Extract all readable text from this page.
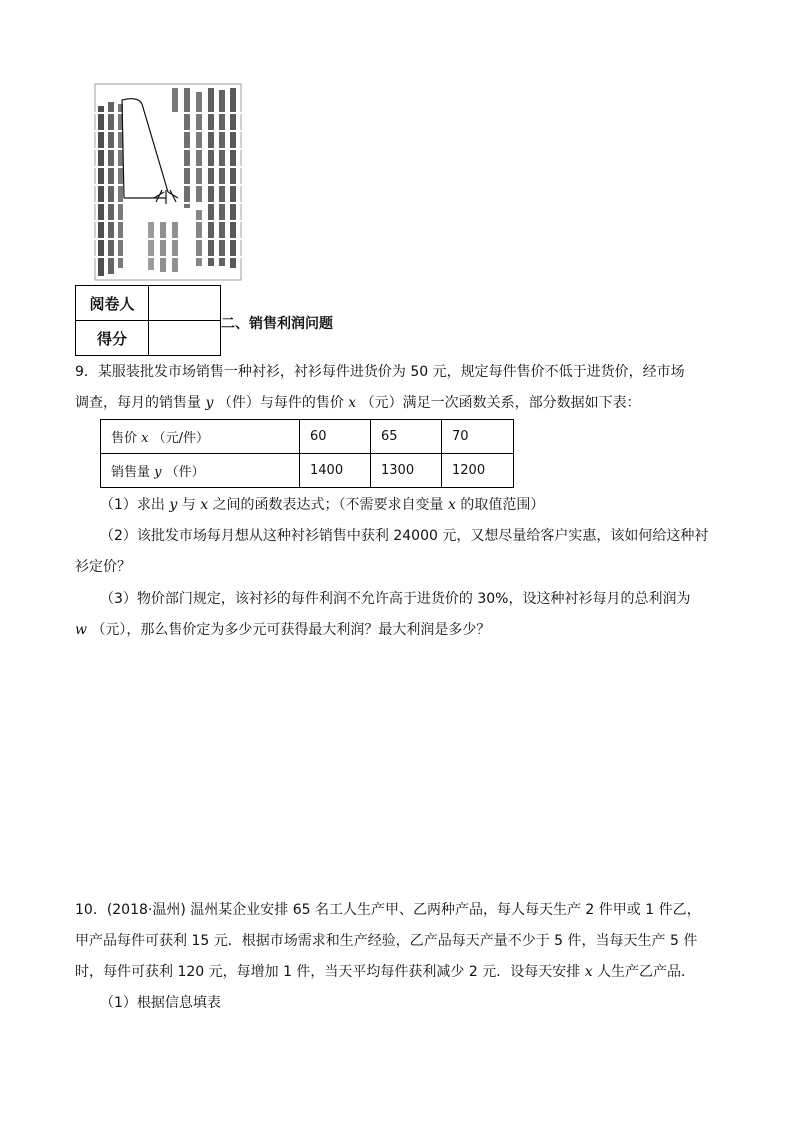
阅卷人	
得分	
二、销售利润问题
9．某服装批发市场销售一种衬衫，衬衫每件进货价为 50 元，规定每件售价不低于进货价，经市场
调查，每月的销售量 y （件）与每件的售价 x （元）满足一次函数关系，部分数据如下表：
售价 x （元/件）	60	65	70
销售量 y （件）	1400	1300	1200
（1）求出 y 与 x 之间的函数表达式；（不需要求自变量 x 的取值范围）
（2）该批发市场每月想从这种衬衫销售中获利 24000 元，又想尽量给客户实惠，该如何给这种衬
衫定价？
（3）物价部门规定，该衬衫的每件利润不允许高于进货价的 30%，设这种衬衫每月的总利润为
w （元），那么售价定为多少元可获得最大利润？最大利润是多少？
10．(2018·温州) 温州某企业安排 65 名工人生产甲、乙两种产品，每人每天生产 2 件甲或 1 件乙，
甲产品每件可获利 15 元．根据市场需求和生产经验，乙产品每天产量不少于 5 件，当每天生产 5 件
时，每件可获利 120 元，每增加 1 件，当天平均每件获利减少 2 元．设每天安排 x 人生产乙产品．
（1）根据信息填表
